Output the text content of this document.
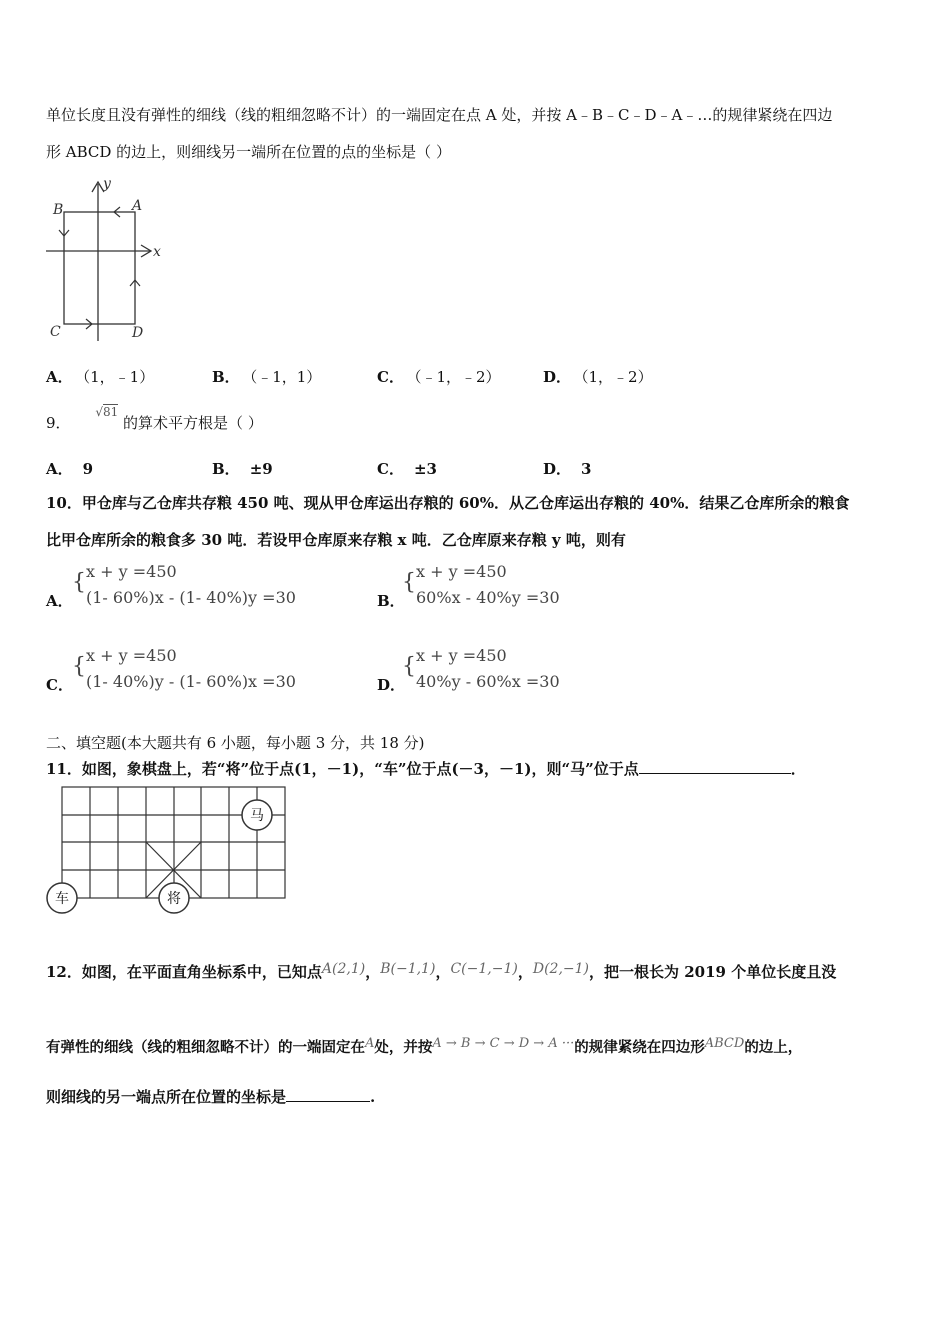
单位长度且没有弹性的细线（线的粗细忽略不计）的一端固定在点 A 处，并按 A﹣B﹣C﹣D﹣A﹣…的规律紧绕在四边
形 ABCD 的边上，则细线另一端所在位置的点的坐标是（ ）
B	A
C	D
x
y
A． （1，﹣1）	B． （﹣1，1）	C． （﹣1，﹣2）	D． （1，﹣2）
9． √81 的算术平方根是（ ）
A． 9	B． ±9	C． ±3	D． 3
10．甲仓库与乙仓库共存粮 450 吨、现从甲仓库运出存粮的 60%．从乙仓库运出存粮的 40%．结果乙仓库所余的粮食
比甲仓库所余的粮食多 30 吨．若设甲仓库原来存粮 x 吨．乙仓库原来存粮 y 吨，则有
A．
{ x + y =450
(1- 60%)x - (1- 40%)y =30	B．
{ x + y =450
60%x - 40%y =30
C．
{ x + y =450
(1- 40%)y - (1- 60%)x =30	D．
{ x + y =450
40%y - 60%x =30
二、填空题(本大题共有 6 小题，每小题 3 分，共 18 分)
11．如图，象棋盘上，若“将”位于点(1，－1)，“车”位于点(－3，－1)，则“马”位于点	．
马
车	将
12．如图，在平面直角坐标系中，已知点A(2,1)，B(−1,1)，C(−1,−1)，D(2,−1)，把一根长为 2019 个单位长度且没
有弹性的细线（线的粗细忽略不计）的一端固定在A处，并按A → B → C → D → A ···的规律紧绕在四边形ABCD的边上，
则细线的另一端点所在位置的坐标是	.
